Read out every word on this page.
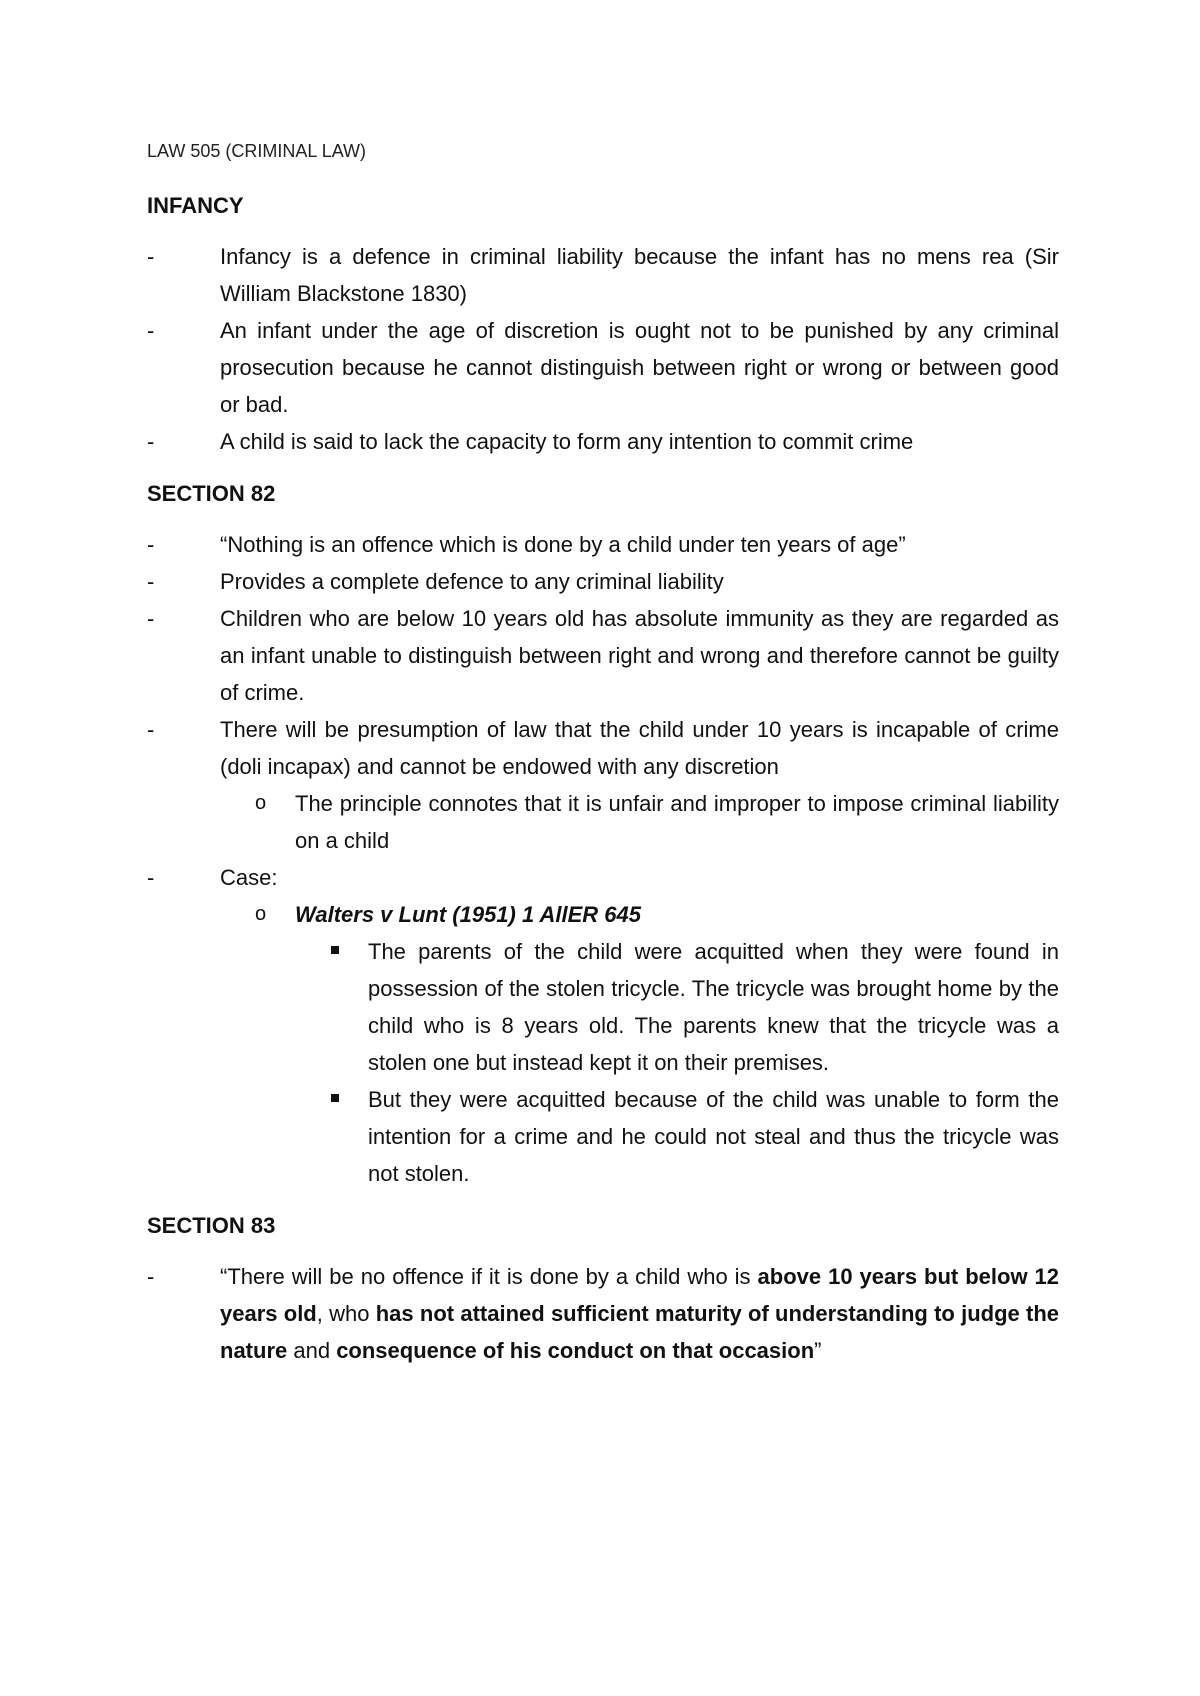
LAW 505 (CRIMINAL LAW)
INFANCY
- Infancy is a defence in criminal liability because the infant has no mens rea (Sir William Blackstone 1830)
- An infant under the age of discretion is ought not to be punished by any criminal prosecution because he cannot distinguish between right or wrong or between good or bad.
- A child is said to lack the capacity to form any intention to commit crime
SECTION 82
- “Nothing is an offence which is done by a child under ten years of age”
- Provides a complete defence to any criminal liability
- Children who are below 10 years old has absolute immunity as they are regarded as an infant unable to distinguish between right and wrong and therefore cannot be guilty of crime.
- There will be presumption of law that the child under 10 years is incapable of crime (doli incapax) and cannot be endowed with any discretion
o The principle connotes that it is unfair and improper to impose criminal liability on a child
- Case:
o Walters v Lunt (1951) 1 AllER 645
The parents of the child were acquitted when they were found in possession of the stolen tricycle. The tricycle was brought home by the child who is 8 years old. The parents knew that the tricycle was a stolen one but instead kept it on their premises.
But they were acquitted because of the child was unable to form the intention for a crime and he could not steal and thus the tricycle was not stolen.
SECTION 83
- “There will be no offence if it is done by a child who is above 10 years but below 12 years old, who has not attained sufficient maturity of understanding to judge the nature and consequence of his conduct on that occasion”
